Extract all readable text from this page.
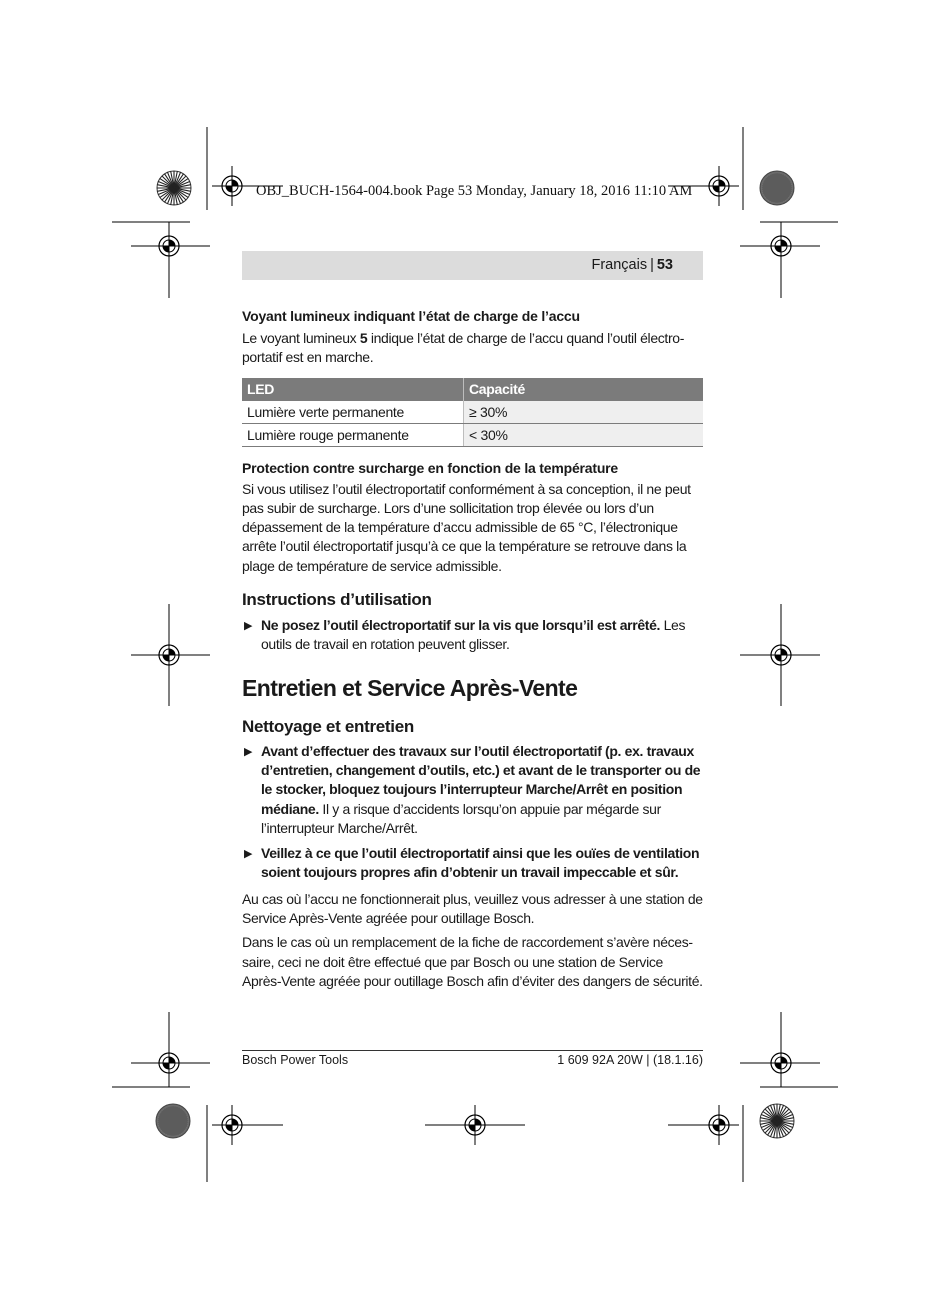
OBJ_BUCH-1564-004.book Page 53 Monday, January 18, 2016 11:10 AM
Français | 53

Voyant lumineux indiquant l’état de charge de l’accu

Le voyant lumineux 5 indique l’état de charge de l’accu quand l’outil électroportatif est en marche.

LED	Capacité
Lumière verte permanente	≥ 30%
Lumière rouge permanente	< 30%

Protection contre surcharge en fonction de la température

Si vous utilisez l’outil électroportatif conformément à sa conception, il ne peut pas subir de surcharge. Lors d’une sollicitation trop élevée ou lors d’un dépassement de la température d’accu admissible de 65 °C, l’électronique arrête l’outil électroportatif jusqu’à ce que la température se retrouve dans la plage de température de service admissible.

Instructions d’utilisation

▶ Ne posez l’outil électroportatif sur la vis que lorsqu’il est arrêté. Les outils de travail en rotation peuvent glisser.

Entretien et Service Après-Vente

Nettoyage et entretien

▶ Avant d’effectuer des travaux sur l’outil électroportatif (p. ex. travaux d’entretien, changement d’outils, etc.) et avant de le transporter ou de le stocker, bloquez toujours l’interrupteur Marche/Arrêt en position médiane. Il y a risque d’accidents lorsqu’on appuie par mégarde sur l’interrupteur Marche/Arrêt.
▶ Veillez à ce que l’outil électroportatif ainsi que les ouïes de ventilation soient toujours propres afin d’obtenir un travail impeccable et sûr.

Au cas où l’accu ne fonctionnerait plus, veuillez vous adresser à une station de Service Après-Vente agréée pour outillage Bosch.

Dans le cas où un remplacement de la fiche de raccordement s’avère nécessaire, ceci ne doit être effectué que par Bosch ou une station de Service Après-Vente agréée pour outillage Bosch afin d’éviter des dangers de sécurité.

Bosch Power Tools	1 609 92A 20W | (18.1.16)
